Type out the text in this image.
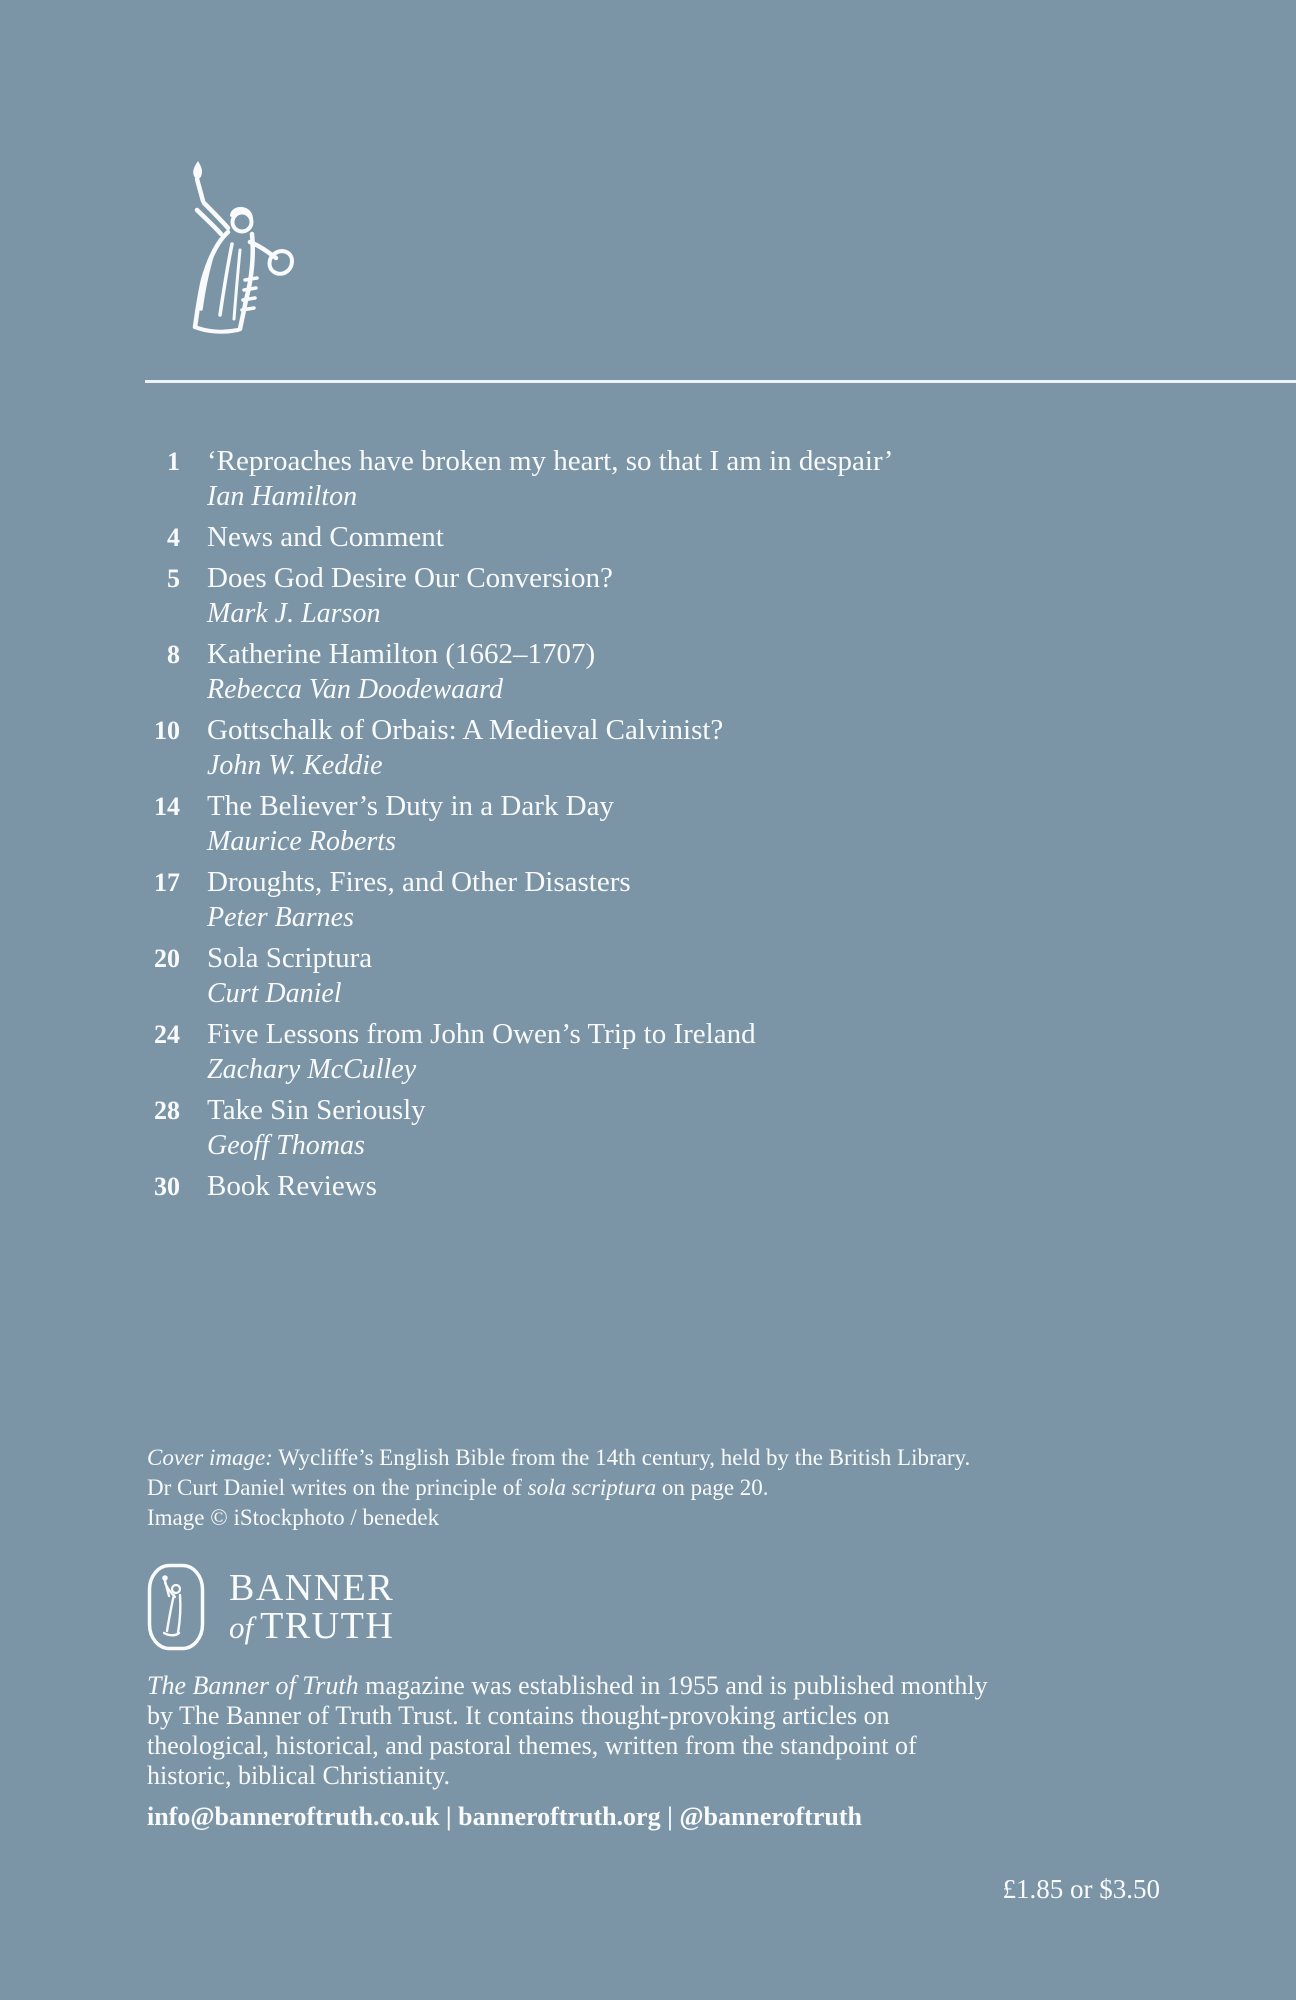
1 ‘Reproaches have broken my heart, so that I am in despair’
Ian Hamilton
4 News and Comment
5 Does God Desire Our Conversion?
Mark J. Larson
8 Katherine Hamilton (1662–1707)
Rebecca Van Doodewaard
10 Gottschalk of Orbais: A Medieval Calvinist?
John W. Keddie
14 The Believer’s Duty in a Dark Day
Maurice Roberts
17 Droughts, Fires, and Other Disasters
Peter Barnes
20 Sola Scriptura
Curt Daniel
24 Five Lessons from John Owen’s Trip to Ireland
Zachary McCulley
28 Take Sin Seriously
Geoff Thomas
30 Book Reviews
Cover image: Wycliffe’s English Bible from the 14th century, held by the British Library.
Dr Curt Daniel writes on the principle of sola scriptura on page 20.
Image © iStockphoto / benedek
BANNER
of TRUTH
The Banner of Truth magazine was established in 1955 and is published monthly
by The Banner of Truth Trust. It contains thought-provoking articles on
theological, historical, and pastoral themes, written from the standpoint of
historic, biblical Christianity.
info@banneroftruth.co.uk | banneroftruth.org | @banneroftruth
£1.85 or $3.50
